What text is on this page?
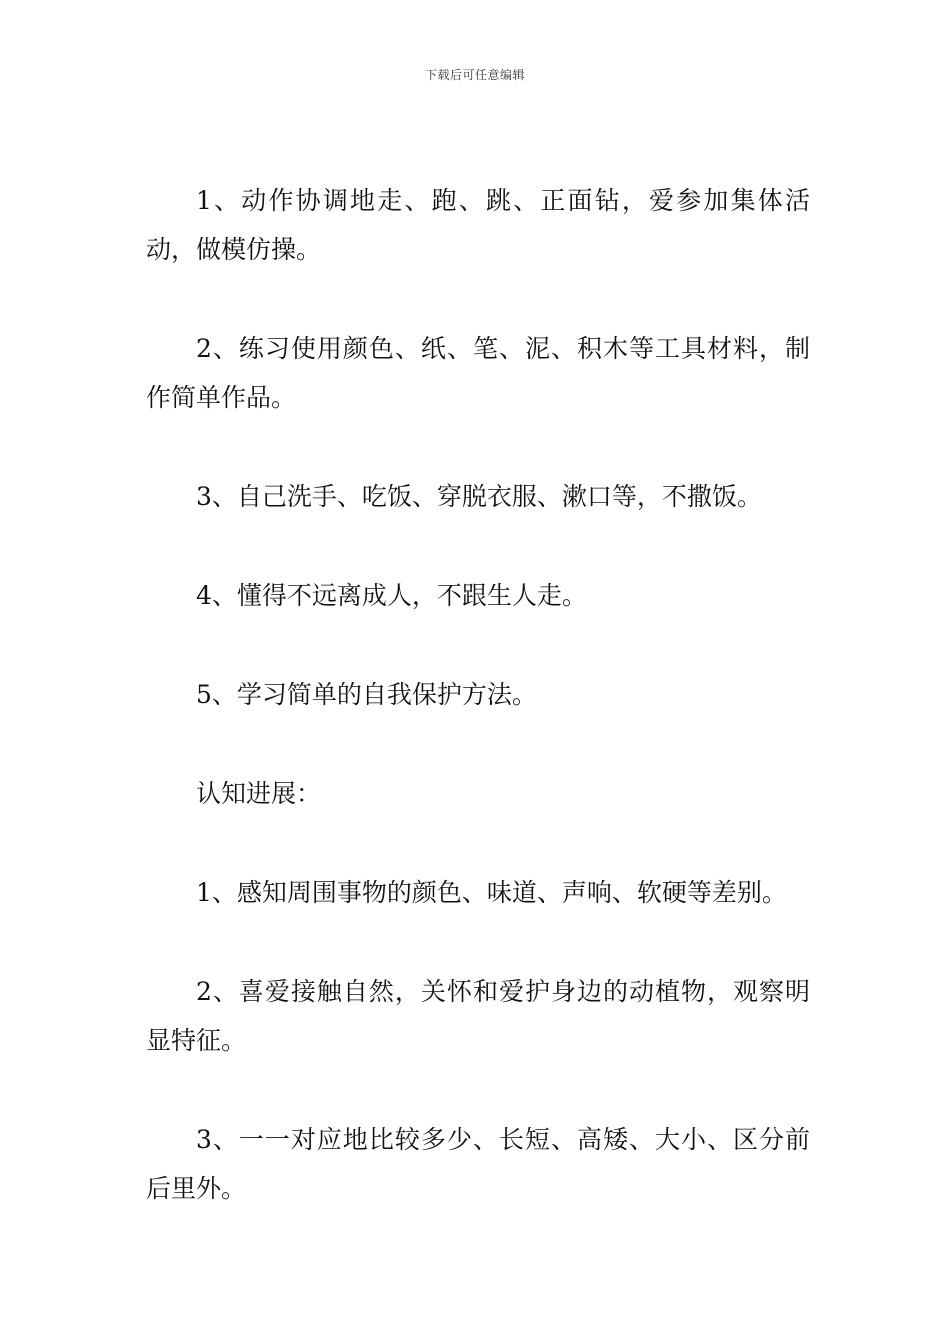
下载后可任意编辑

1、动作协调地走、跑、跳、正面钻，爱参加集体活动，做模仿操。

2、练习使用颜色、纸、笔、泥、积木等工具材料，制作简单作品。

3、自己洗手、吃饭、穿脱衣服、漱口等，不撒饭。

4、懂得不远离成人，不跟生人走。

5、学习简单的自我保护方法。

认知进展：

1、感知周围事物的颜色、味道、声响、软硬等差别。

2、喜爱接触自然，关怀和爱护身边的动植物，观察明显特征。

3、一一对应地比较多少、长短、高矮、大小、区分前后里外。
